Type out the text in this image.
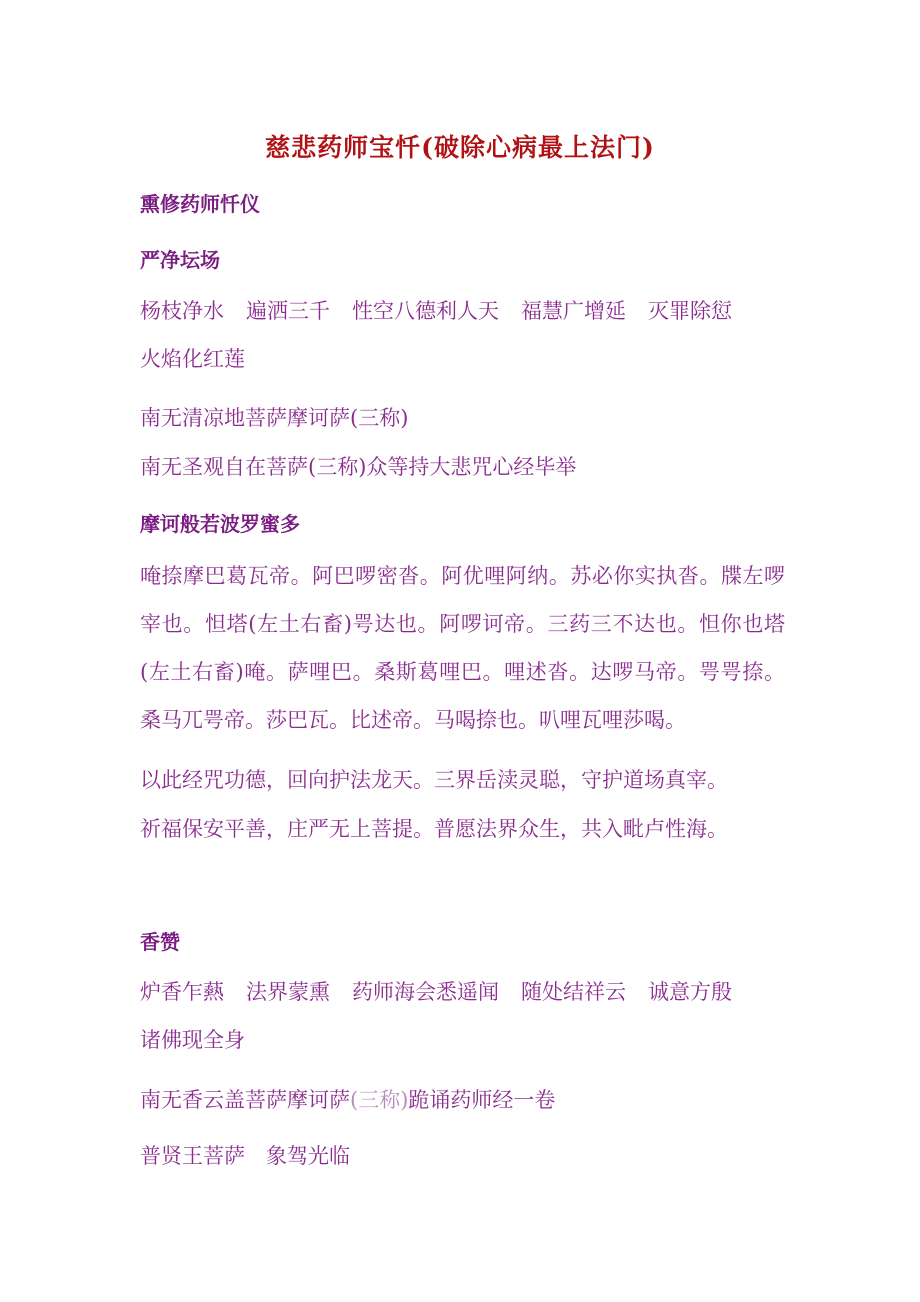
慈悲药师宝忏(破除心病最上法门)
熏修药师忏仪
严净坛场

杨枝净水 遍洒三千 性空八德利人天 福慧广增延 灭罪除愆火焰化红莲

南无清凉地菩萨摩诃萨(三称)

南无圣观自在菩萨(三称)众等持大悲咒心经毕举

摩诃般若波罗蜜多

唵捺摩巴葛瓦帝。阿巴啰密沓。阿优哩阿纳。苏必你实执沓。牒左啰宰也。怛塔(左土右畜)咢达也。阿啰诃帝。三药三不达也。怛你也塔(左土右畜)唵。萨哩巴。桑斯葛哩巴。哩述沓。达啰马帝。咢咢捺。桑马兀咢帝。莎巴瓦。比述帝。马喝捺也。叭哩瓦哩莎喝。

以此经咒功德，回向护法龙天。三界岳渎灵聪，守护道场真宰。

祈福保安平善，庄严无上菩提。普愿法界众生，共入毗卢性海。

香赞

炉香乍爇 法界蒙熏 药师海会悉遥闻 随处结祥云 诚意方殷诸佛现全身

南无香云盖菩萨摩诃萨(三称)跪诵药师经一卷

普贤王菩萨　象驾光临
